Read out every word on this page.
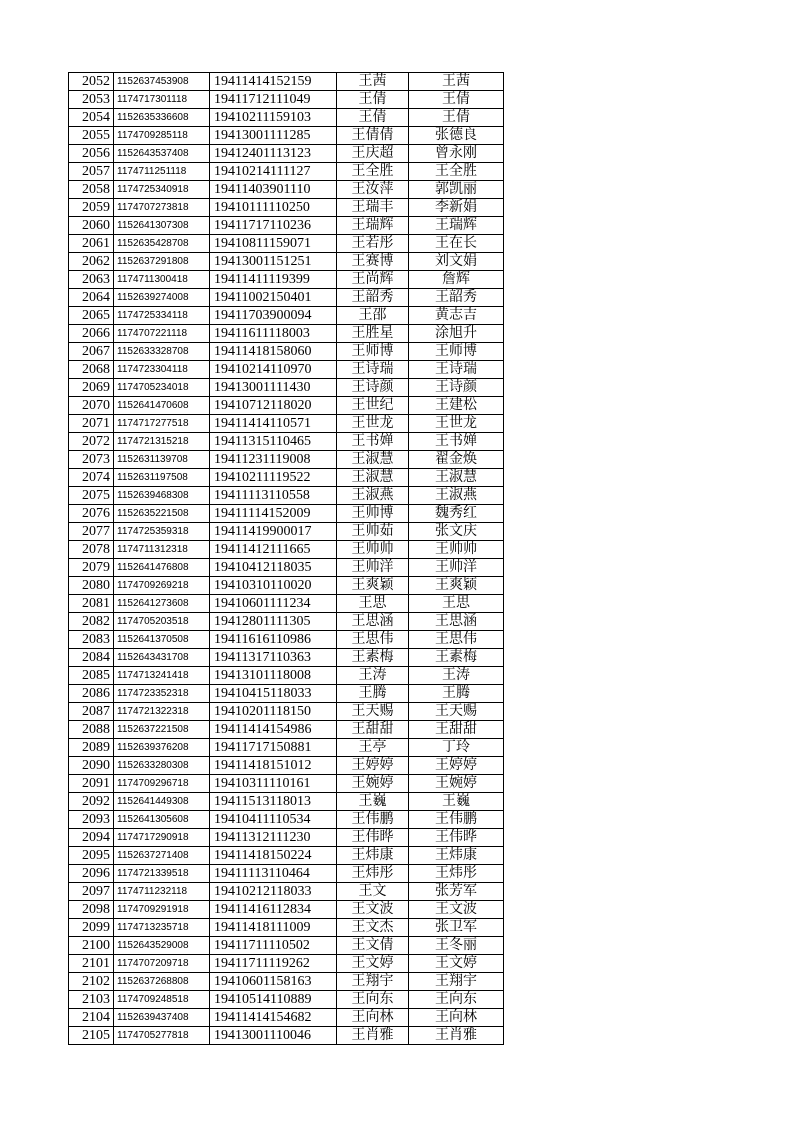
2052	1152637453908	19411414152159	王茜	王茜
2053	1174717301118	19411712111049	王倩	王倩
2054	1152635336608	19410211159103	王倩	王倩
2055	1174709285118	19413001111285	王倩倩	张德良
2056	1152643537408	19412401113123	王庆超	曾永刚
2057	1174711251118	19410214111127	王全胜	王全胜
2058	1174725340918	19411403901110	王汝萍	郭凯丽
2059	1174707273818	19410111110250	王瑞丰	李新娟
2060	1152641307308	19411717110236	王瑞辉	王瑞辉
2061	1152635428708	19410811159071	王若彤	王在长
2062	1152637291808	19413001151251	王赛博	刘文娟
2063	1174711300418	19411411119399	王尚辉	詹辉
2064	1152639274008	19411002150401	王韶秀	王韶秀
2065	1174725334118	19411703900094	王邵	黄志吉
2066	1174707221118	19411611118003	王胜星	涂旭升
2067	1152633328708	19411418158060	王师博	王师博
2068	1174723304118	19410214110970	王诗瑞	王诗瑞
2069	1174705234018	19413001111430	王诗颜	王诗颜
2070	1152641470608	19410712118020	王世纪	王建松
2071	1174717277518	19411414110571	王世龙	王世龙
2072	1174721315218	19411315110465	王书婵	王书婵
2073	1152631139708	19411231119008	王淑慧	翟金焕
2074	1152631197508	19410211119522	王淑慧	王淑慧
2075	1152639468308	19411113110558	王淑燕	王淑燕
2076	1152635221508	19411114152009	王帅博	魏秀红
2077	1174725359318	19411419900017	王帅茹	张文庆
2078	1174711312318	19411412111665	王帅帅	王帅帅
2079	1152641476808	19410412118035	王帅洋	王帅洋
2080	1174709269218	19410310110020	王爽颖	王爽颖
2081	1152641273608	19410601111234	王思	王思
2082	1174705203518	19412801111305	王思涵	王思涵
2083	1152641370508	19411616110986	王思伟	王思伟
2084	1152643431708	19411317110363	王素梅	王素梅
2085	1174713241418	19413101118008	王涛	王涛
2086	1174723352318	19410415118033	王腾	王腾
2087	1174721322318	19410201118150	王天赐	王天赐
2088	1152637221508	19411414154986	王甜甜	王甜甜
2089	1152639376208	19411717150881	王亭	丁玲
2090	1152633280308	19411418151012	王婷婷	王婷婷
2091	1174709296718	19410311110161	王婉婷	王婉婷
2092	1152641449308	19411513118013	王巍	王巍
2093	1152641305608	19410411110534	王伟鹏	王伟鹏
2094	1174717290918	19411312111230	王伟晔	王伟晔
2095	1152637271408	19411418150224	王炜康	王炜康
2096	1174721339518	19411113110464	王炜彤	王炜彤
2097	1174711232118	19410212118033	王文	张芳军
2098	1174709291918	19411416112834	王文波	王文波
2099	1174713235718	19411418111009	王文杰	张卫军
2100	1152643529008	19411711110502	王文倩	王冬丽
2101	1174707209718	19411711119262	王文婷	王文婷
2102	1152637268808	19410601158163	王翔宇	王翔宇
2103	1174709248518	19410514110889	王向东	王向东
2104	1152639437408	19411414154682	王向林	王向林
2105	1174705277818	19413001110046	王肖雅	王肖雅
